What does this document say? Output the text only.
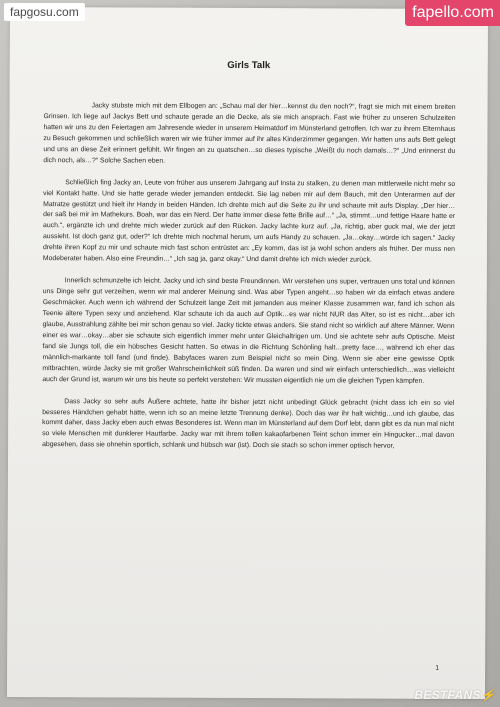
Girls Talk

Jacky stubste mich mit dem Ellbogen an: „Schau mal der hier…kennst du den noch?“, fragt sie mich mit einem breiten Grinsen. Ich liege auf Jackys Bett und schaute gerade an die Decke, als sie mich ansprach. Fast wie früher zu unseren Schulzeiten hatten wir uns zu den Feiertagen am Jahresende wieder in unserem Heimatdorf im Münsterland getroffen. Ich war zu ihrem Elternhaus zu Besuch gekommen und schließlich waren wir wie früher immer auf ihr altes Kinderzimmer gegangen. Wir hatten uns aufs Bett gelegt und uns an diese Zeit erinnert gefühlt. Wir fingen an zu quatschen…so dieses typische „Weißt du noch damals…?“ „Und erinnerst du dich noch, als…?“ Solche Sachen eben.

Schließlich fing Jacky an, Leute von früher aus unserem Jahrgang auf Insta zu stalken, zu denen man mittlerweile nicht mehr so viel Kontakt hatte. Und sie hatte gerade wieder jemanden entdeckt. Sie lag neben mir auf dem Bauch, mit den Unterarmen auf der Matratze gestützt und hielt ihr Handy in beiden Händen. Ich drehte mich auf die Seite zu ihr und schaute mit aufs Display. „Der hier…der saß bei mir im Mathekurs. Boah, war das ein Nerd. Der hatte immer diese fette Brille auf…“ „Ja, stimmt…und fettige Haare hatte er auch.“, ergänzte ich und drehte mich wieder zurück auf den Rücken. Jacky lachte kurz auf. „Ja, richtig, aber guck mal, wie der jetzt aussieht. Ist doch ganz gut, oder?“ Ich drehte mich nochmal herum, um aufs Handy zu schauen. „Ja…okay…würde ich sagen.“ Jacky drehte ihren Kopf zu mir und schaute mich fast schon entrüstet an: „Ey komm, das ist ja wohl schon anders als früher. Der muss nen Modeberater haben. Also eine Freundin…“ „Ich sag ja, ganz okay.“ Und damit drehte ich mich wieder zurück.

Innerlich schmunzelte ich leicht. Jacky und ich sind beste Freundinnen. Wir verstehen uns super, vertrauen uns total und können uns Dinge sehr gut verzeihen, wenn wir mal anderer Meinung sind. Was aber Typen angeht…so haben wir da einfach etwas andere Geschmäcker. Auch wenn ich während der Schulzeit lange Zeit mit jemanden aus meiner Klasse zusammen war, fand ich schon als Teenie ältere Typen sexy und anziehend. Klar schaute ich da auch auf Optik…es war nicht NUR das Alter, so ist es nicht…aber ich glaube, Ausstrahlung zählte bei mir schon genau so viel. Jacky tickte etwas anders. Sie stand nicht so wirklich auf ältere Männer. Wenn einer es war…okay…aber sie schaute sich eigentlich immer mehr unter Gleichaltrigen um. Und sie achtete sehr aufs Optische. Meist fand sie Jungs toll, die ein hübsches Gesicht hatten. So etwas in die Richtung Schönling halt…pretty face…, während ich eher das männlich-markante toll fand (und finde). Babyfaces waren zum Beispiel nicht so mein Ding. Wenn sie aber eine gewisse Optik mitbrachten, würde Jacky sie mit großer Wahrscheinlichkeit süß finden. Da waren und sind wir einfach unterschiedlich…was vielleicht auch der Grund ist, warum wir uns bis heute so perfekt verstehen: Wir mussten eigentlich nie um die gleichen Typen kämpfen.

Dass Jacky so sehr aufs Äußere achtete, hatte ihr bisher jetzt nicht unbedingt Glück gebracht (nicht dass ich ein so viel besseres Händchen gehabt hätte, wenn ich so an meine letzte Trennung denke). Doch das war ihr halt wichtig…und ich glaube, das kommt daher, dass Jacky eben auch etwas Besonderes ist. Wenn man im Münsterland auf dem Dorf lebt, dann gibt es da nun mal nicht so viele Menschen mit dunklerer Hautfarbe. Jacky war mit ihrem tollen kakaofarbenen Teint schon immer ein Hingucker…mal davon abgesehen, dass sie ohnehin sportlich, schlank und hübsch war (ist). Doch sie stach so schon immer optisch hervor,

1
fapgosu.com	fapello.com
BESTFANS⚡
